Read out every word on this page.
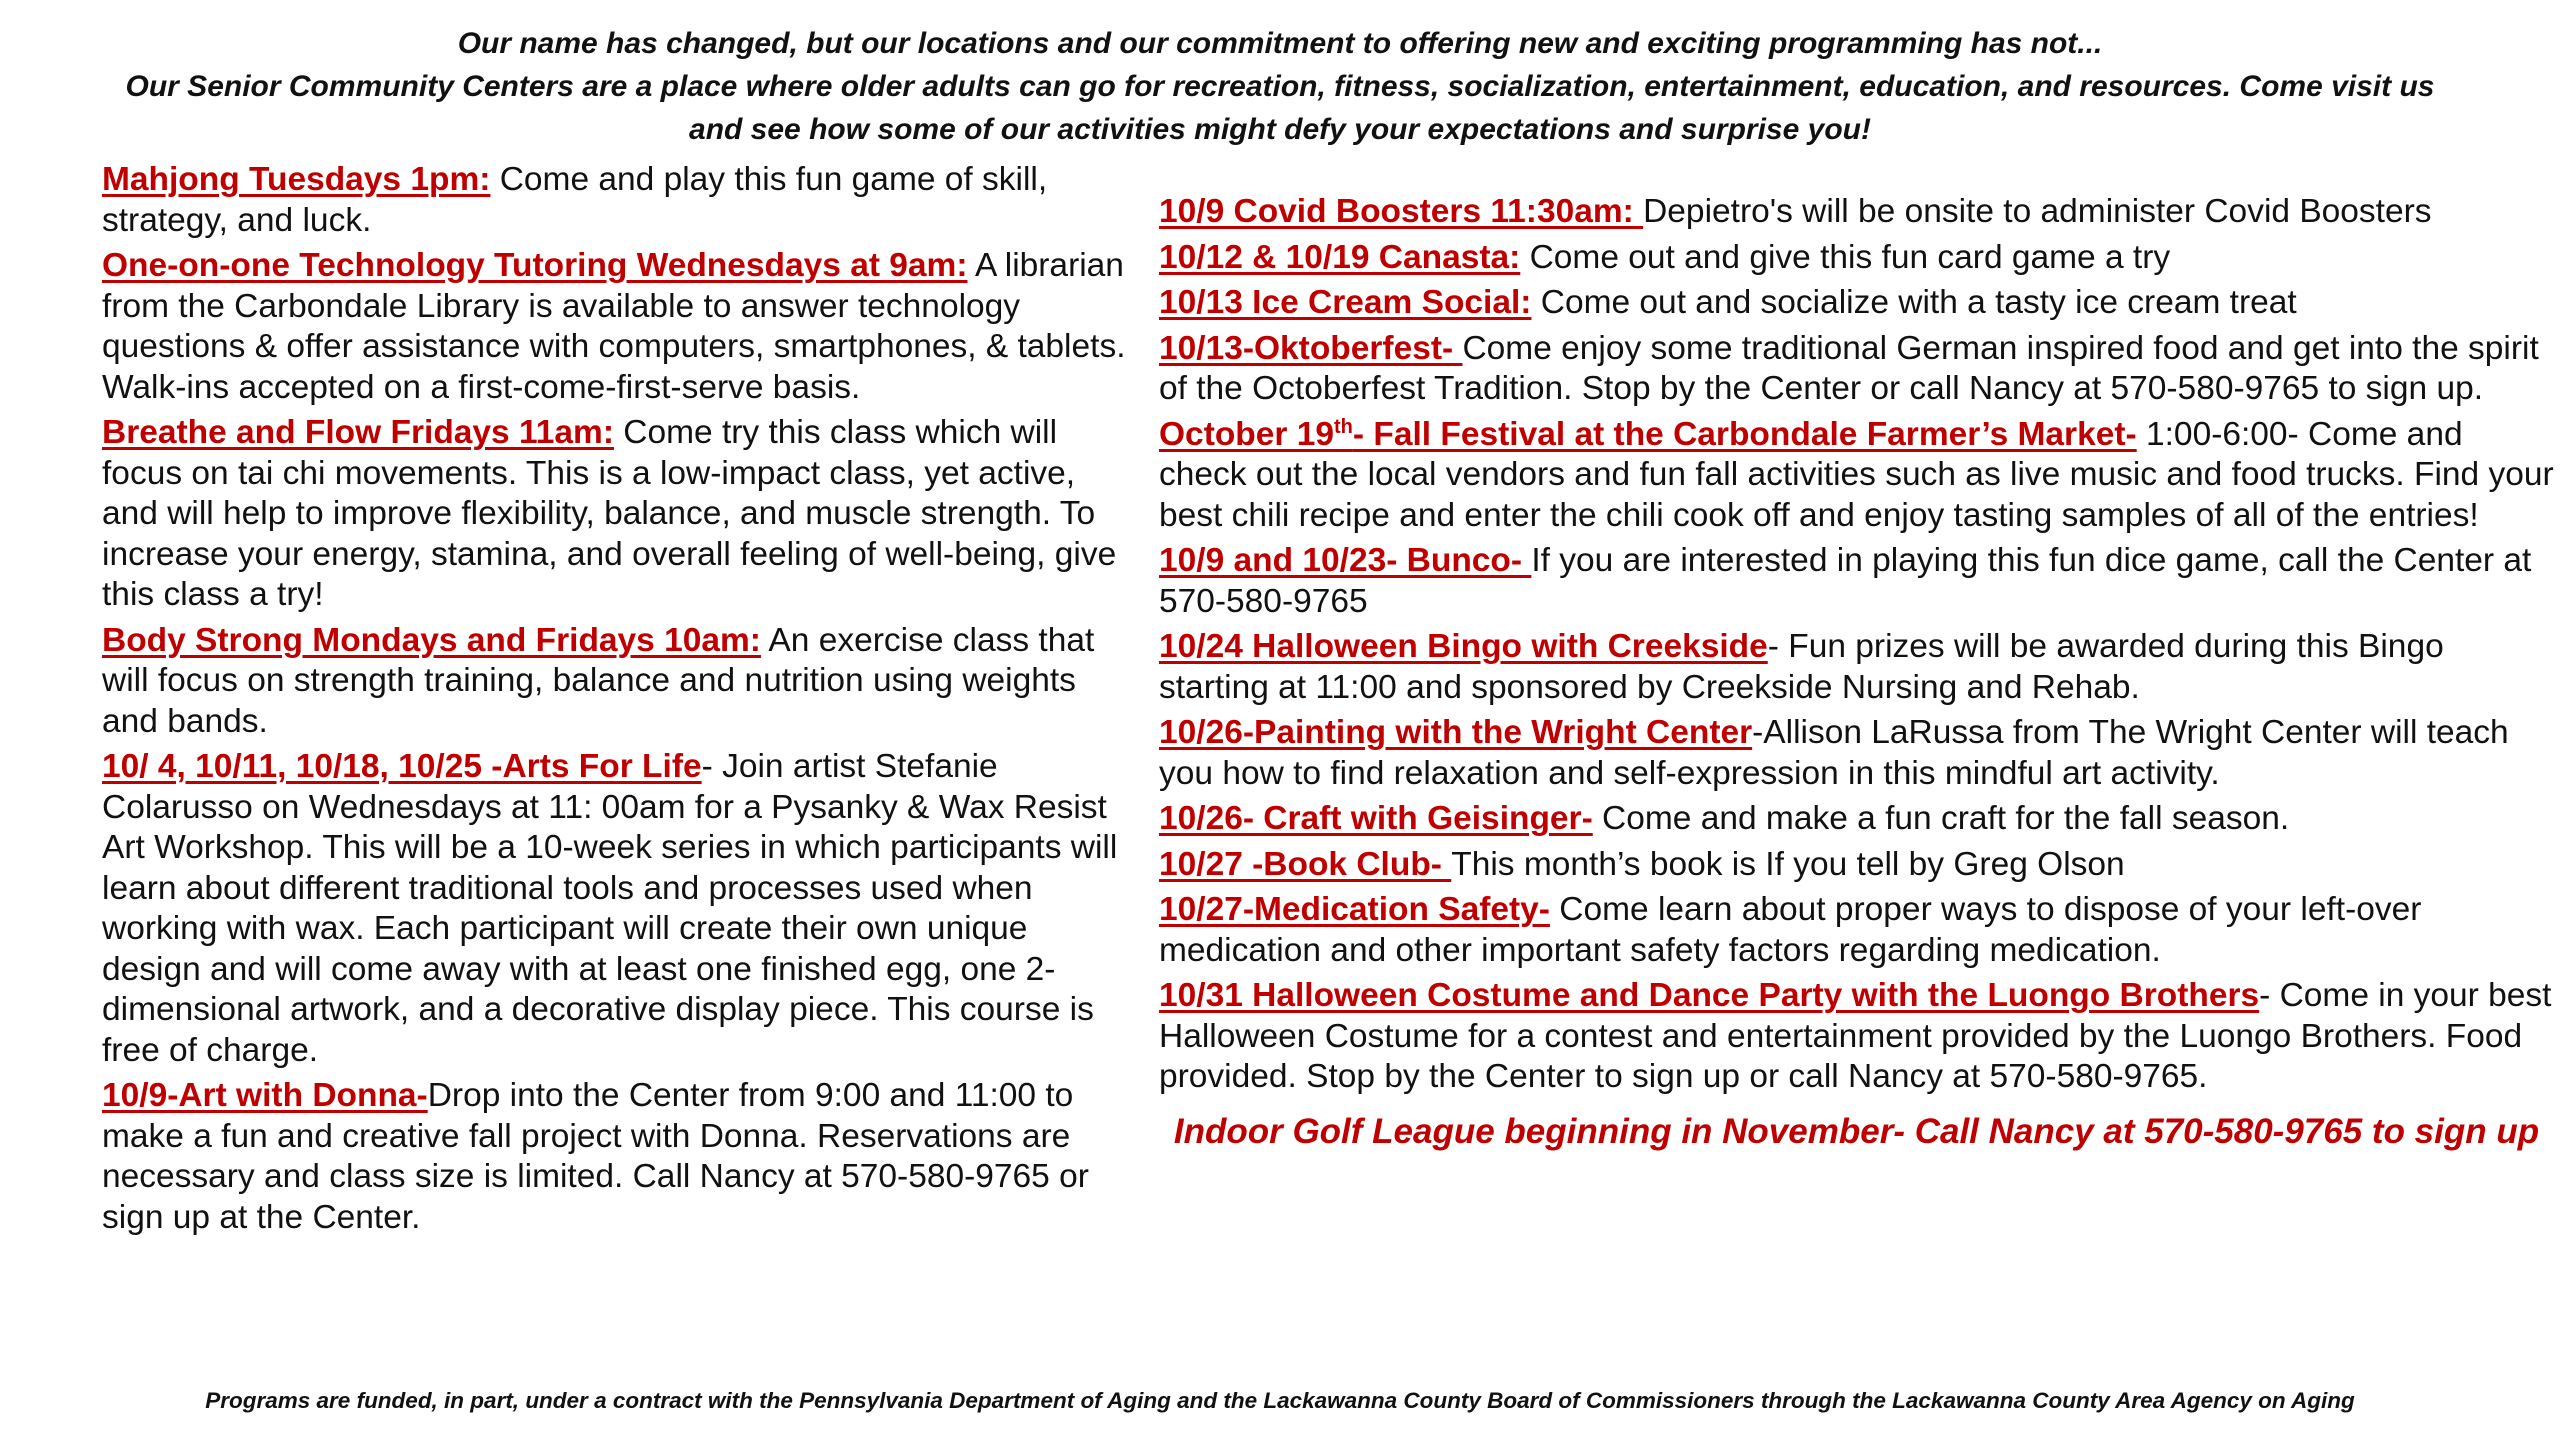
Our name has changed, but our locations and our commitment to offering new and exciting programming has not...

Our Senior Community Centers are a place where older adults can go for recreation, fitness, socialization, entertainment, education, and resources. Come visit us and see how some of our activities might defy your expectations and surprise you!

Mahjong Tuesdays 1pm: Come and play this fun game of skill, strategy, and luck.
One-on-one Technology Tutoring Wednesdays at 9am: A librarian from the Carbondale Library is available to answer technology questions & offer assistance with computers, smartphones, & tablets. Walk-ins accepted on a first-come-first-serve basis.
Breathe and Flow Fridays 11am: Come try this class which will focus on tai chi movements. This is a low-impact class, yet active, and will help to improve flexibility, balance, and muscle strength. To increase your energy, stamina, and overall feeling of well-being, give this class a try!
Body Strong Mondays and Fridays 10am: An exercise class that will focus on strength training, balance and nutrition using weights and bands.
10/ 4, 10/11, 10/18, 10/25 -Arts For Life- Join artist Stefanie Colarusso on Wednesdays at 11: 00am for a Pysanky & Wax Resist Art Workshop. This will be a 10-week series in which participants will learn about different traditional tools and processes used when working with wax. Each participant will create their own unique design and will come away with at least one finished egg, one 2-dimensional artwork, and a decorative display piece. This course is free of charge.
10/9-Art with Donna-Drop into the Center from 9:00 and 11:00 to make a fun and creative fall project with Donna. Reservations are necessary and class size is limited. Call Nancy at 570-580-9765 or sign up at the Center.
10/9 Covid Boosters 11:30am: Depietro's will be onsite to administer Covid Boosters
10/12 & 10/19 Canasta: Come out and give this fun card game a try
10/13 Ice Cream Social: Come out and socialize with a tasty ice cream treat
10/13-Oktoberfest- Come enjoy some traditional German inspired food and get into the spirit of the Octoberfest Tradition. Stop by the Center or call Nancy at 570-580-9765 to sign up.
October 19th- Fall Festival at the Carbondale Farmer’s Market- 1:00-6:00- Come and check out the local vendors and fun fall activities such as live music and food trucks. Find your best chili recipe and enter the chili cook off and enjoy tasting samples of all of the entries!
10/9 and 10/23- Bunco- If you are interested in playing this fun dice game, call the Center at 570-580-9765
10/24 Halloween Bingo with Creekside- Fun prizes will be awarded during this Bingo starting at 11:00 and sponsored by Creekside Nursing and Rehab.
10/26-Painting with the Wright Center-Allison LaRussa from The Wright Center will teach you how to find relaxation and self-expression in this mindful art activity.
10/26- Craft with Geisinger- Come and make a fun craft for the fall season.
10/27 -Book Club- This month’s book is If you tell by Greg Olson
10/27-Medication Safety- Come learn about proper ways to dispose of your left-over medication and other important safety factors regarding medication.
10/31 Halloween Costume and Dance Party with the Luongo Brothers- Come in your best Halloween Costume for a contest and entertainment provided by the Luongo Brothers. Food provided. Stop by the Center to sign up or call Nancy at 570-580-9765.

Indoor Golf League beginning in November- Call Nancy at 570-580-9765 to sign up

Programs are funded, in part, under a contract with the Pennsylvania Department of Aging and the Lackawanna County Board of Commissioners through the Lackawanna County Area Agency on Aging
